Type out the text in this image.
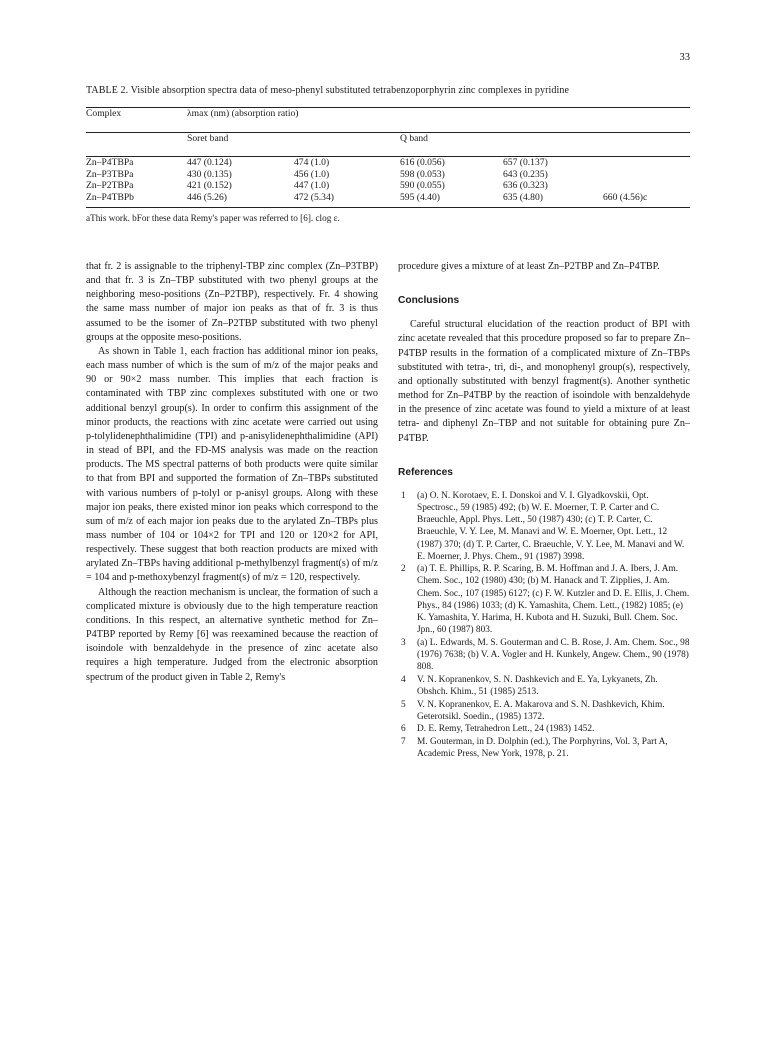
33
TABLE 2. Visible absorption spectra data of meso-phenyl substituted tetrabenzoporphyrin zinc complexes in pyridine
Complex	λmax (nm) (absorption ratio)				

	Soret band		Q band		

Zn–P4TBPa	447 (0.124)	474 (1.0)	616 (0.056)	657 (0.137)	
Zn–P3TBPa	430 (0.135)	456 (1.0)	598 (0.053)	643 (0.235)	
Zn–P2TBPa	421 (0.152)	447 (1.0)	590 (0.055)	636 (0.323)	
Zn–P4TBPb	446 (5.26)	472 (5.34)	595 (4.40)	635 (4.80)	660 (4.56)c
aThis work. bFor these data Remy's paper was referred to [6]. clog ε.

that fr. 2 is assignable to the triphenyl-TBP zinc complex (Zn–P3TBP) and that fr. 3 is Zn–TBP substituted with two phenyl groups at the neighboring meso-positions (Zn–P2TBP), respectively. Fr. 4 showing the same mass number of major ion peaks as that of fr. 3 is thus assumed to be the isomer of Zn–P2TBP substituted with two phenyl groups at the opposite meso-positions.

As shown in Table 1, each fraction has additional minor ion peaks, each mass number of which is the sum of m/z of the major peaks and 90 or 90×2 mass number. This implies that each fraction is contaminated with TBP zinc complexes substituted with one or two additional benzyl group(s). In order to confirm this assignment of the minor products, the reactions with zinc acetate were carried out using p-tolylidenephthalimidine (TPI) and p-anisylidenephthalimidine (API) in stead of BPI, and the FD-MS analysis was made on the reaction products. The MS spectral patterns of both products were quite similar to that from BPI and supported the formation of Zn–TBPs substituted with various numbers of p-tolyl or p-anisyl groups. Along with these major ion peaks, there existed minor ion peaks which correspond to the sum of m/z of each major ion peaks due to the arylated Zn–TBPs plus mass number of 104 or 104×2 for TPI and 120 or 120×2 for API, respectively. These suggest that both reaction products are mixed with arylated Zn–TBPs having additional p-methylbenzyl fragment(s) of m/z = 104 and p-methoxybenzyl fragment(s) of m/z = 120, respectively.

Although the reaction mechanism is unclear, the formation of such a complicated mixture is obviously due to the high temperature reaction conditions. In this respect, an alternative synthetic method for Zn–P4TBP reported by Remy [6] was reexamined because the reaction of isoindole with benzaldehyde in the presence of zinc acetate also requires a high temperature. Judged from the electronic absorption spectrum of the product given in Table 2, Remy's

procedure gives a mixture of at least Zn–P2TBP and Zn–P4TBP.

Conclusions

Careful structural elucidation of the reaction product of BPI with zinc acetate revealed that this procedure proposed so far to prepare Zn–P4TBP results in the formation of a complicated mixture of Zn–TBPs substituted with tetra-, tri, di-, and monophenyl group(s), respectively, and optionally substituted with benzyl fragment(s). Another synthetic method for Zn–P4TBP by the reaction of isoindole with benzaldehyde in the presence of zinc acetate was found to yield a mixture of at least tetra- and diphenyl Zn–TBP and not suitable for obtaining pure Zn–P4TBP.

References
1 (a) O. N. Korotaev, E. I. Donskoi and V. I. Glyadkovskii, Opt. Spectrosc., 59 (1985) 492; (b) W. E. Moerner, T. P. Carter and C. Braeuchle, Appl. Phys. Lett., 50 (1987) 430; (c) T. P. Carter, C. Braeuchle, V. Y. Lee, M. Manavi and W. E. Moerner, Opt. Lett., 12 (1987) 370; (d) T. P. Carter, C. Braeuchle, V. Y. Lee, M. Manavi and W. E. Moerner, J. Phys. Chem., 91 (1987) 3998.
2 (a) T. E. Phillips, R. P. Scaring, B. M. Hoffman and J. A. Ibers, J. Am. Chem. Soc., 102 (1980) 430; (b) M. Hanack and T. Zipplies, J. Am. Chem. Soc., 107 (1985) 6127; (c) F. W. Kutzler and D. E. Ellis, J. Chem. Phys., 84 (1986) 1033; (d) K. Yamashita, Chem. Lett., (1982) 1085; (e) K. Yamashita, Y. Harima, H. Kubota and H. Suzuki, Bull. Chem. Soc. Jpn., 60 (1987) 803.
3 (a) L. Edwards, M. S. Gouterman and C. B. Rose, J. Am. Chem. Soc., 98 (1976) 7638; (b) V. A. Vogler and H. Kunkely, Angew. Chem., 90 (1978) 808.
4 V. N. Kopranenkov, S. N. Dashkevich and E. Ya, Lykyanets, Zh. Obshch. Khim., 51 (1985) 2513.
5 V. N. Kopranenkov, E. A. Makarova and S. N. Dashkevich, Khim. Geterotsikl. Soedin., (1985) 1372.
6 D. E. Remy, Tetrahedron Lett., 24 (1983) 1452.
7 M. Gouterman, in D. Dolphin (ed.), The Porphyrins, Vol. 3, Part A, Academic Press, New York, 1978, p. 21.
